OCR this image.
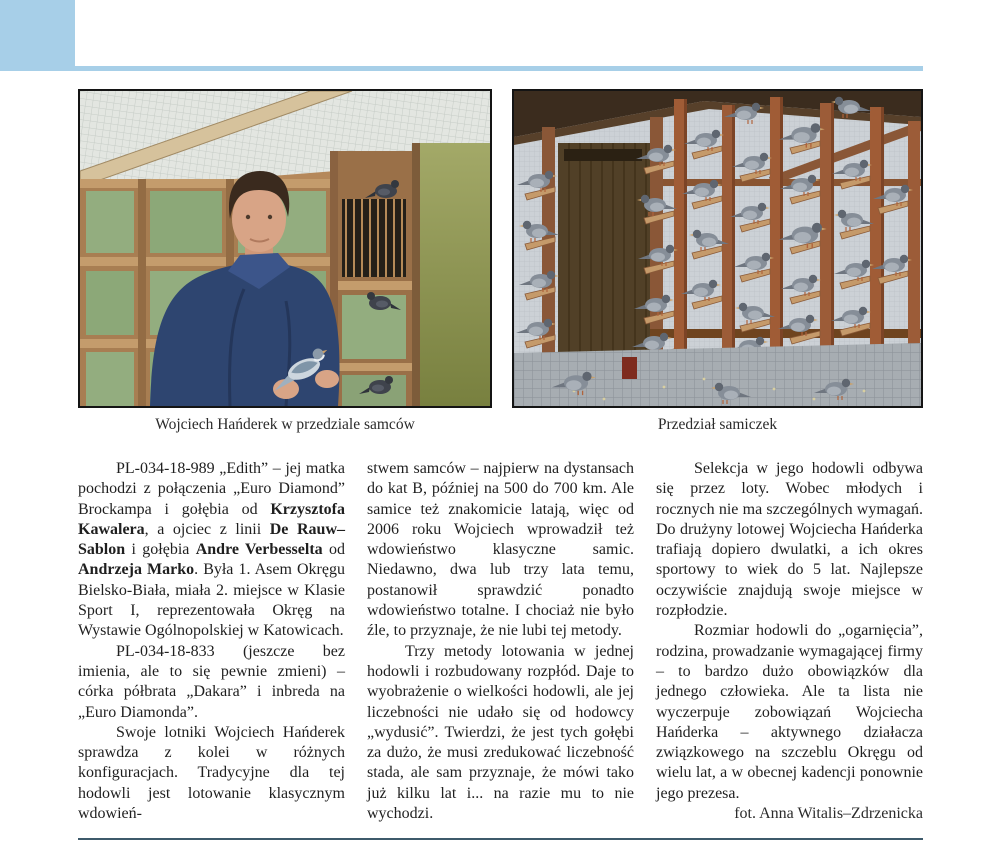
Wojciech Hańderek w przedziale samców	Przedział samiczek

PL-034-18-989 „Edith” – jej matka pochodzi z połączenia „Euro Diamond” Brockampa i gołębia od Krzysztofa Kawalera, a ojciec z linii De Rauw–Sablon i gołębia Andre Verbesselta od Andrzeja Marko. Była 1. Asem Okręgu Bielsko-Biała, miała 2. miejsce w Klasie Sport I, reprezentowała Okręg na Wystawie Ogólnopolskiej w Katowicach.

PL-034-18-833 (jeszcze bez imienia, ale to się pewnie zmieni) – córka półbrata „Dakara” i inbreda na „Euro Diamonda”.

Swoje lotniki Wojciech Hańderek sprawdza z kolei w różnych konfiguracjach. Tradycyjne dla tej hodowli jest lotowanie klasycznym wdowień-

stwem samców – najpierw na dystansach do kat B, później na 500 do 700 km. Ale samice też znakomicie latają, więc od 2006 roku Wojciech wprowadził też wdowieństwo klasyczne samic. Niedawno, dwa lub trzy lata temu, postanowił sprawdzić ponadto wdowieństwo totalne. I chociaż nie było źle, to przyznaje, że nie lubi tej metody.

Trzy metody lotowania w jednej hodowli i rozbudowany rozpłód. Daje to wyobrażenie o wielkości hodowli, ale jej liczebności nie udało się od hodowcy „wydusić”. Twierdzi, że jest tych gołębi za dużo, że musi zredukować liczebność stada, ale sam przyznaje, że mówi tako już kilku lat i... na razie mu to nie wychodzi.

Selekcja w jego hodowli odbywa się przez loty. Wobec młodych i rocznych nie ma szczególnych wymagań. Do drużyny lotowej Wojciecha Hańderka trafiają dopiero dwulatki, a ich okres sportowy to wiek do 5 lat. Najlepsze oczywiście znajdują swoje miejsce w rozpłodzie.

Rozmiar hodowli do „ogarnięcia”, rodzina, prowadzanie wymagającej firmy – to bardzo dużo obowiązków dla jednego człowieka. Ale ta lista nie wyczerpuje zobowiązań Wojciecha Hańderka – aktywnego działacza związkowego na szczeblu Okręgu od wielu lat, a w obecnej kadencji ponownie jego prezesa.

fot. Anna Witalis–Zdrzenicka
